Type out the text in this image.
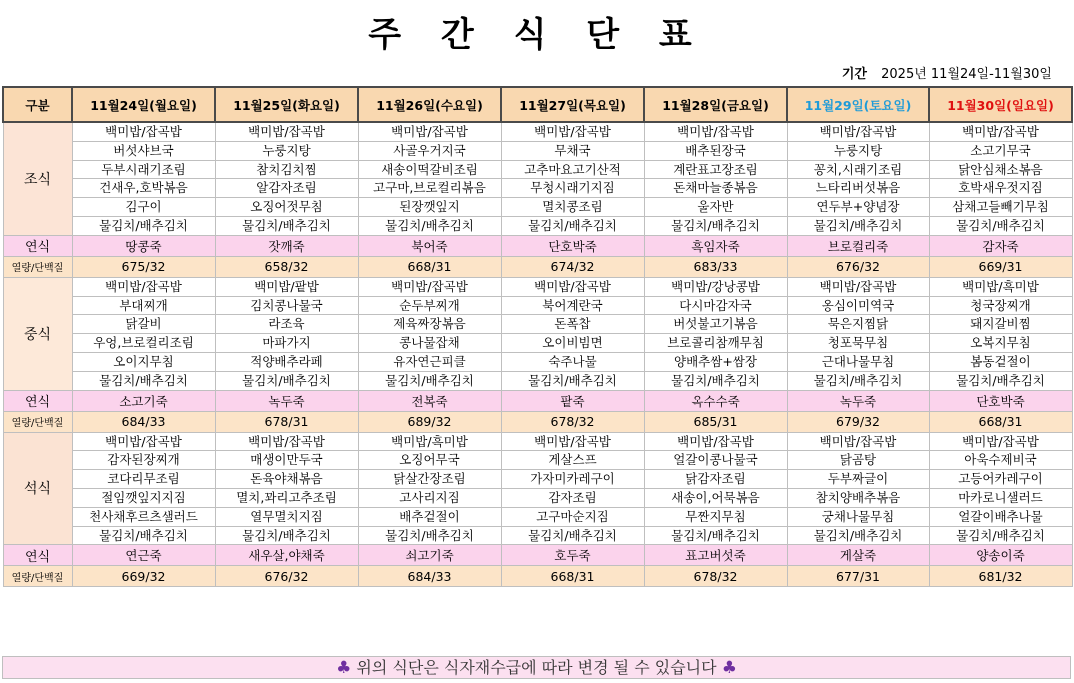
주 간 식 단 표
기간 2025년 11월24일-11월30일
구분	11월24일(월요일)	11월25일(화요일)	11월26일(수요일)	11월27일(목요일)	11월28일(금요일)	11월29일(토요일)	11월30일(일요일)
조식	백미밥/잡곡밥	백미밥/잡곡밥	백미밥/잡곡밥	백미밥/잡곡밥	백미밥/잡곡밥	백미밥/잡곡밥	백미밥/잡곡밥
	버섯샤브국	누룽지탕	사골우거지국	무채국	배추된장국	누룽지탕	소고기무국
	두부시래기조림	참치김치찜	새송이떡갈비조림	고추마요고기산적	계란표고장조림	꽁치,시래기조림	닭안심채소볶음
	건새우,호박볶음	알감자조림	고구마,브로컬리볶음	무청시래기지짐	돈채마늘종볶음	느타리버섯볶음	호박새우젓지짐
	김구이	오징어젓무침	된장깻잎지	멸치콩조림	울자반	연두부+양념장	삼채고들빼기무침
	물김치/배추김치	물김치/배추김치	물김치/배추김치	물김치/배추김치	물김치/배추김치	물김치/배추김치	물김치/배추김치
연식	땅콩죽	잣깨죽	북어죽	단호박죽	흑임자죽	브로컬리죽	감자죽
열량/단백질	675/32	658/32	668/31	674/32	683/33	676/32	669/31
중식	백미밥/잡곡밥	백미밥/팥밥	백미밥/잡곡밥	백미밥/잡곡밥	백미밥/강낭콩밥	백미밥/잡곡밥	백미밥/흑미밥
	부대찌개	김치콩나물국	순두부찌개	북어계란국	다시마감자국	옹심이미역국	청국장찌개
	닭갈비	라조육	제육짜장볶음	돈폭찹	버섯불고기볶음	묵은지찜닭	돼지갈비찜
	우엉,브로컬리조림	마파가지	콩나물잡채	오이비빔면	브로콜리참깨무침	청포묵무침	오복지무침
	오이지무침	적양배추라페	유자연근피클	숙주나물	양배추쌈+쌈장	근대나물무침	봄동겉절이
	물김치/배추김치	물김치/배추김치	물김치/배추김치	물김치/배추김치	물김치/배추김치	물김치/배추김치	물김치/배추김치
연식	소고기죽	녹두죽	전복죽	팥죽	옥수수죽	녹두죽	단호박죽
열량/단백질	684/33	678/31	689/32	678/32	685/31	679/32	668/31
석식	백미밥/잡곡밥	백미밥/잡곡밥	백미밥/흑미밥	백미밥/잡곡밥	백미밥/잡곡밥	백미밥/잡곡밥	백미밥/잡곡밥
	감자된장찌개	매생이만두국	오징어무국	게살스프	얼갈이콩나물국	닭곰탕	아욱수제비국
	코다리무조림	돈육야채볶음	닭살간장조림	가자미카레구이	닭감자조림	두부짜글이	고등어카레구이
	절임깻잎지지짐	멸치,꽈리고추조림	고사리지짐	감자조림	새송이,어묵볶음	참치양배추볶음	마카로니샐러드
	천사채후르츠샐러드	열무멸치지짐	배추겉절이	고구마순지짐	무짠지무침	궁채나물무침	얼갈이배추나물
	물김치/배추김치	물김치/배추김치	물김치/배추김치	물김치/배추김치	물김치/배추김치	물김치/배추김치	물김치/배추김치
연식	연근죽	새우살,야채죽	쇠고기죽	호두죽	표고버섯죽	게살죽	양송이죽
열량/단백질	669/32	676/32	684/33	668/31	678/32	677/31	681/32
♣ 위의 식단은 식자재수급에 따라 변경 될 수 있습니다 ♣
